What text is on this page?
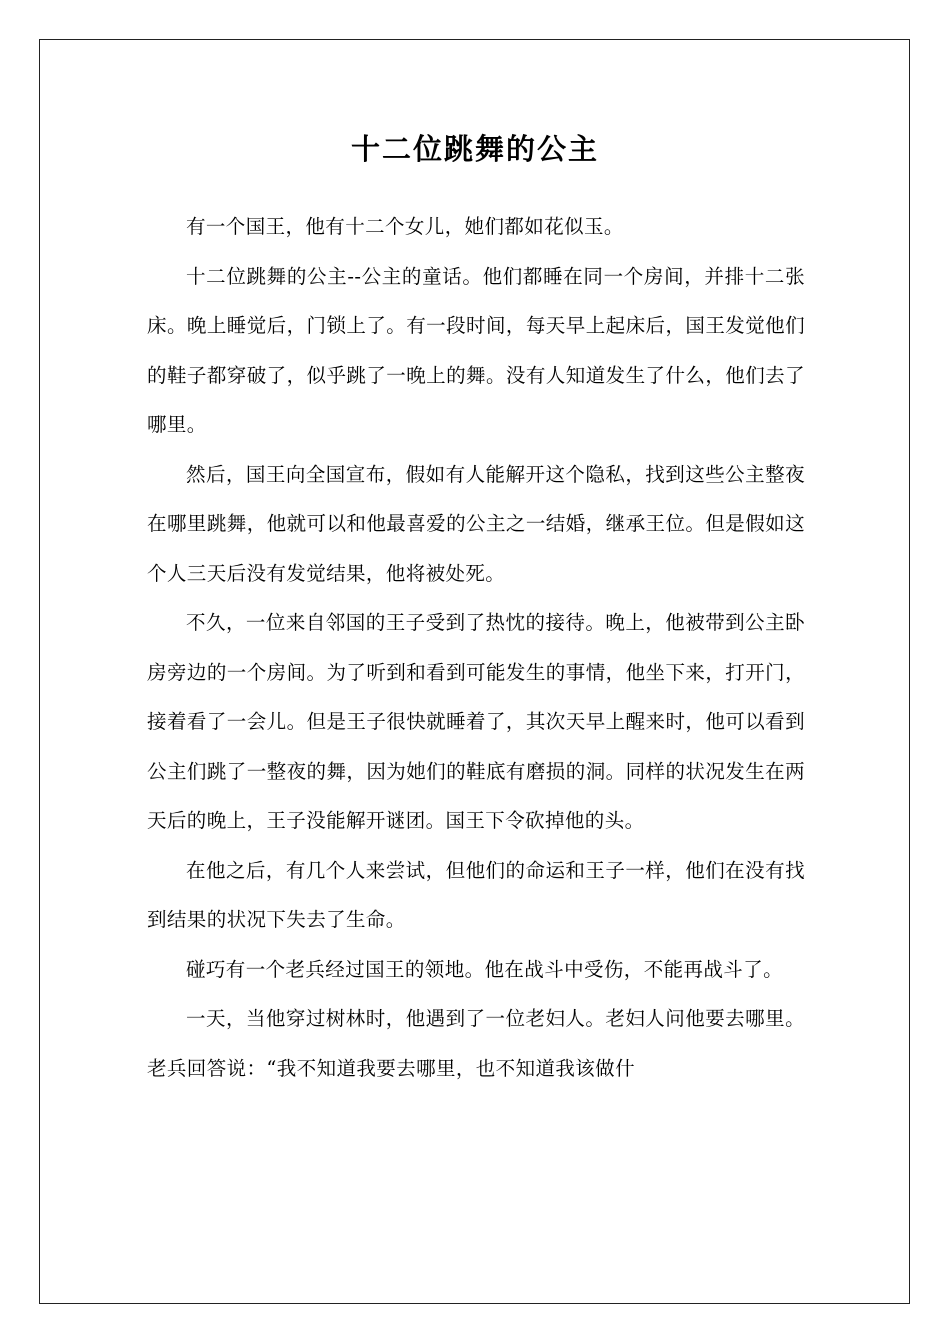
十二位跳舞的公主

有一个国王，他有十二个女儿，她们都如花似玉。

十二位跳舞的公主--公主的童话。他们都睡在同一个房间，并排十二张床。晚上睡觉后，门锁上了。有一段时间，每天早上起床后，国王发觉他们的鞋子都穿破了，似乎跳了一晚上的舞。没有人知道发生了什么，他们去了哪里。

然后，国王向全国宣布，假如有人能解开这个隐私，找到这些公主整夜在哪里跳舞，他就可以和他最喜爱的公主之一结婚，继承王位。但是假如这个人三天后没有发觉结果，他将被处死。

不久，一位来自邻国的王子受到了热忱的接待。晚上，他被带到公主卧房旁边的一个房间。为了听到和看到可能发生的事情，他坐下来，打开门，接着看了一会儿。但是王子很快就睡着了，其次天早上醒来时，他可以看到公主们跳了一整夜的舞，因为她们的鞋底有磨损的洞。同样的状况发生在两天后的晚上，王子没能解开谜团。国王下令砍掉他的头。

在他之后，有几个人来尝试，但他们的命运和王子一样，他们在没有找到结果的状况下失去了生命。

碰巧有一个老兵经过国王的领地。他在战斗中受伤，不能再战斗了。

一天，当他穿过树林时，他遇到了一位老妇人。老妇人问他要去哪里。老兵回答说：“我不知道我要去哪里，也不知道我该做什
